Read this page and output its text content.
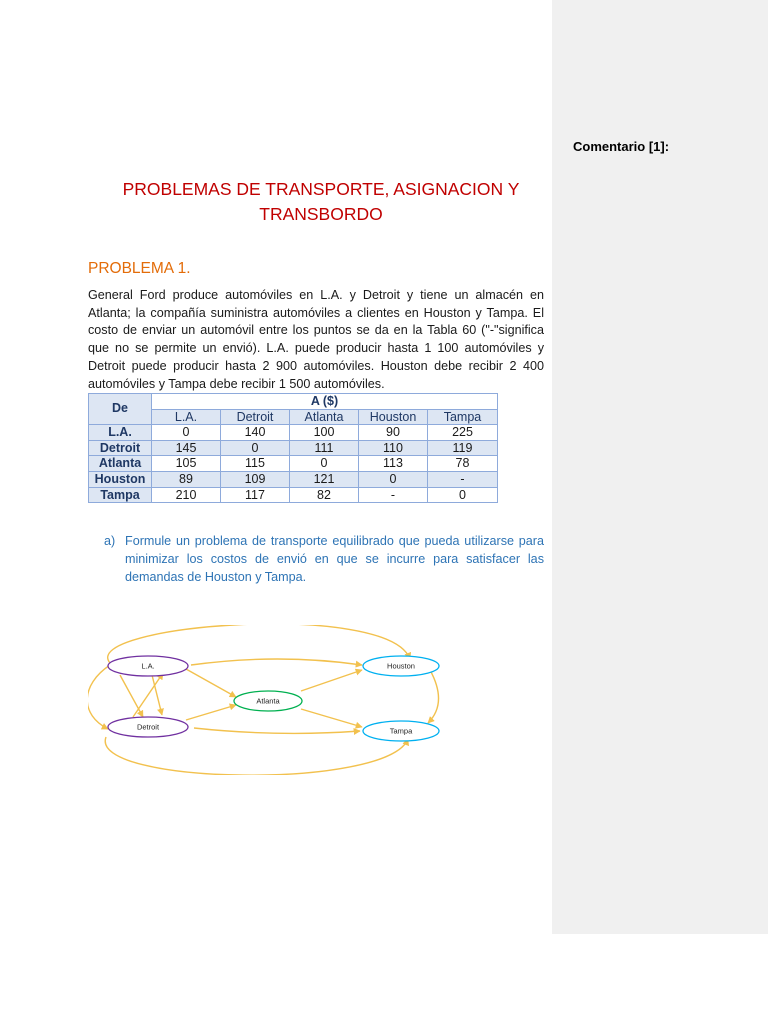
Comentario [1]:
PROBLEMAS DE TRANSPORTE, ASIGNACION Y
TRANSBORDO
PROBLEMA 1.
General Ford produce automóviles en L.A. y Detroit y tiene un almacén en Atlanta; la compañía suministra automóviles a clientes en Houston y Tampa. El costo de enviar un automóvil entre los puntos se da en la Tabla 60 ("-"significa que no se permite un envió). L.A. puede producir hasta 1 100 automóviles y Detroit puede producir hasta 2 900 automóviles. Houston debe recibir 2 400 automóviles y Tampa debe recibir 1 500 automóviles.
De	A ($)				
	L.A.	Detroit	Atlanta	Houston	Tampa
L.A.	0	140	100	90	225
Detroit	145	0	111	110	119
Atlanta	105	115	0	113	78
Houston	89	109	121	0	-
Tampa	210	117	82	-	0
a) Formule un problema de transporte equilibrado que pueda utilizarse para minimizar los costos de envió en que se incurre para satisfacer las demandas de Houston y Tampa.
L.A.
Detroit
Atlanta
Houston
Tampa
